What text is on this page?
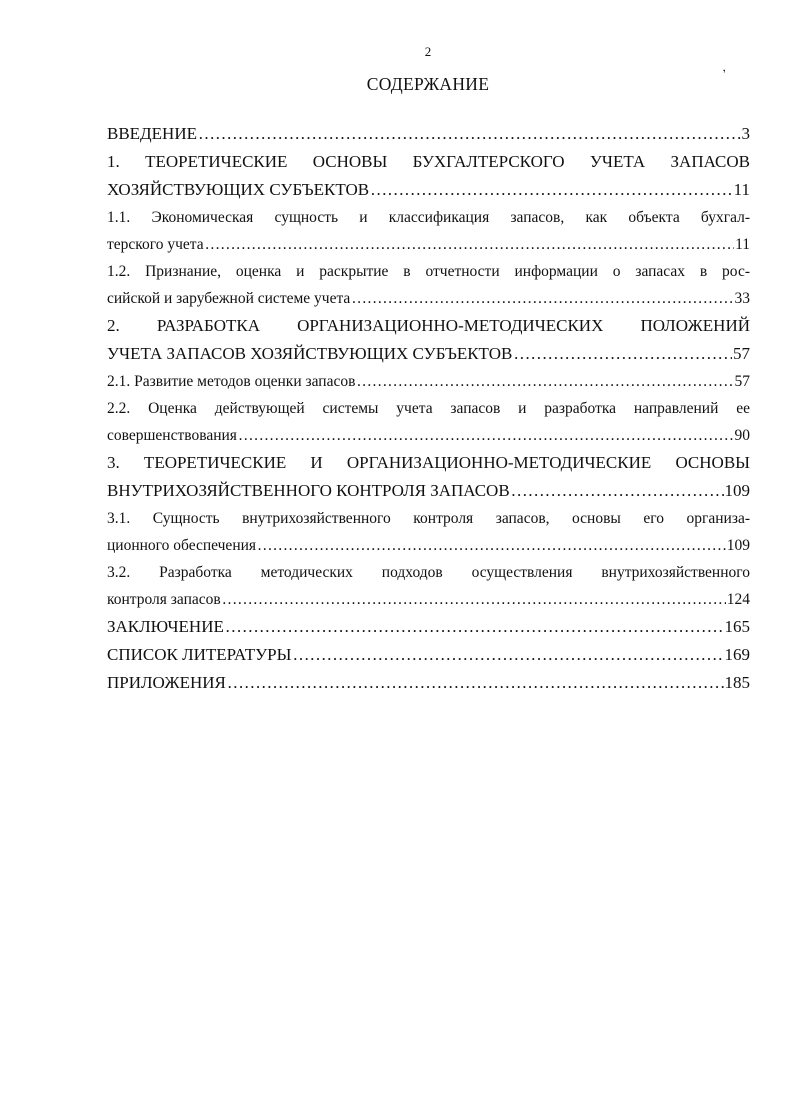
2
‚
СОДЕРЖАНИЕ
ВВЕДЕНИЕ ………………………………………………………………………………………………………………………………………………………………………………………………………………	3
1. ТЕОРЕТИЧЕСКИЕ ОСНОВЫ БУХГАЛТЕРСКОГО УЧЕТА ЗАПАСОВ
ХОЗЯЙСТВУЮЩИХ СУБЪЕКТОВ ………………………………………………………………………………………………………………………………………………………………………………………………………………	11
1.1. Экономическая сущность и классификация запасов, как объекта бухгал-
терского учета ………………………………………………………………………………………………………………………………………………………………………………………………………………	11
1.2. Признание, оценка и раскрытие в отчетности информации о запасах в рос-
сийской и зарубежной системе учета ………………………………………………………………………………………………………………………………………………………………………………………………………………	33
2. РАЗРАБОТКА ОРГАНИЗАЦИОННО-МЕТОДИЧЕСКИХ ПОЛОЖЕНИЙ
УЧЕТА ЗАПАСОВ ХОЗЯЙСТВУЮЩИХ СУБЪЕКТОВ ………………………………………………………………………………………………………………………………………………………………………………………………………………	57
2.1. Развитие методов оценки запасов ………………………………………………………………………………………………………………………………………………………………………………………………………………	57
2.2. Оценка действующей системы учета запасов и разработка направлений ее
совершенствования ………………………………………………………………………………………………………………………………………………………………………………………………………………	90
3. ТЕОРЕТИЧЕСКИЕ И ОРГАНИЗАЦИОННО-МЕТОДИЧЕСКИЕ ОСНОВЫ
ВНУТРИХОЗЯЙСТВЕННОГО КОНТРОЛЯ ЗАПАСОВ ………………………………………………………………………………………………………………………………………………………………………………………………………………	109
3.1. Сущность внутрихозяйственного контроля запасов, основы его организа-
ционного обеспечения ………………………………………………………………………………………………………………………………………………………………………………………………………………	109
3.2. Разработка методических подходов осуществления внутрихозяйственного
контроля запасов ………………………………………………………………………………………………………………………………………………………………………………………………………………	124
ЗАКЛЮЧЕНИЕ ………………………………………………………………………………………………………………………………………………………………………………………………………………	165
СПИСОК ЛИТЕРАТУРЫ ………………………………………………………………………………………………………………………………………………………………………………………………………………	169
ПРИЛОЖЕНИЯ ………………………………………………………………………………………………………………………………………………………………………………………………………………	185
